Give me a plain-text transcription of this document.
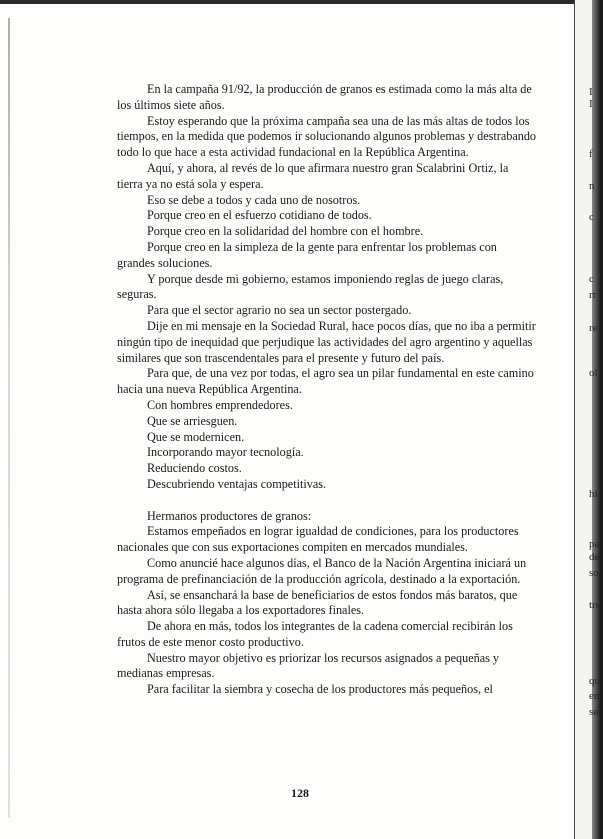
En la campaña 91/92, la producción de granos es estimada como la más alta de los últimos siete años.

Estoy esperando que la próxima campaña sea una de las más altas de todos los tiempos, en la medida que podemos ir solucionando algunos problemas y destrabando todo lo que hace a esta actividad fundacional en la República Argentina.

Aquí, y ahora, al revés de lo que afirmara nuestro gran Scalabrini Ortiz, la tierra ya no está sola y espera.

Eso se debe a todos y cada uno de nosotros.

Porque creo en el esfuerzo cotidiano de todos.

Porque creo en la solidaridad del hombre con el hombre.

Porque creo en la simpleza de la gente para enfrentar los problemas con grandes soluciones.

Y porque desde mi gobierno, estamos imponiendo reglas de juego claras, seguras.

Para que el sector agrario no sea un sector postergado.

Dije en mi mensaje en la Sociedad Rural, hace pocos días, que no iba a permitir ningún tipo de inequidad que perjudique las actividades del agro argentino y aquellas similares que son trascendentales para el presente y futuro del país.

Para que, de una vez por todas, el agro sea un pilar fundamental en este camino hacia una nueva República Argentina.

Con hombres emprendedores.

Que se arriesguen.

Que se modernicen.

Incorporando mayor tecnología.

Reduciendo costos.

Descubriendo ventajas competitivas.

Hermanos productores de granos:

Estamos empeñados en lograr igualdad de condiciones, para los productores nacionales que con sus exportaciones compiten en mercados mundiales.

Como anuncié hace algunos días, el Banco de la Nación Argentina iniciará un programa de prefinanciación de la producción agrícola, destinado a la exportación.

Así, se ensanchará la base de beneficiarios de estos fondos más baratos, que hasta ahora sólo llegaba a los exportadores finales.

De ahora en más, todos los integrantes de la cadena comercial recibirán los frutos de este menor costo productivo.

Nuestro mayor objetivo es priorizar los recursos asignados a pequeñas y medianas empresas.

Para facilitar la siembra y cosecha de los productores más pequeños, el

128
I
I
f
n
c
c
rr
re
ol
hi
pa
de
so
tre
qu
en
sec
